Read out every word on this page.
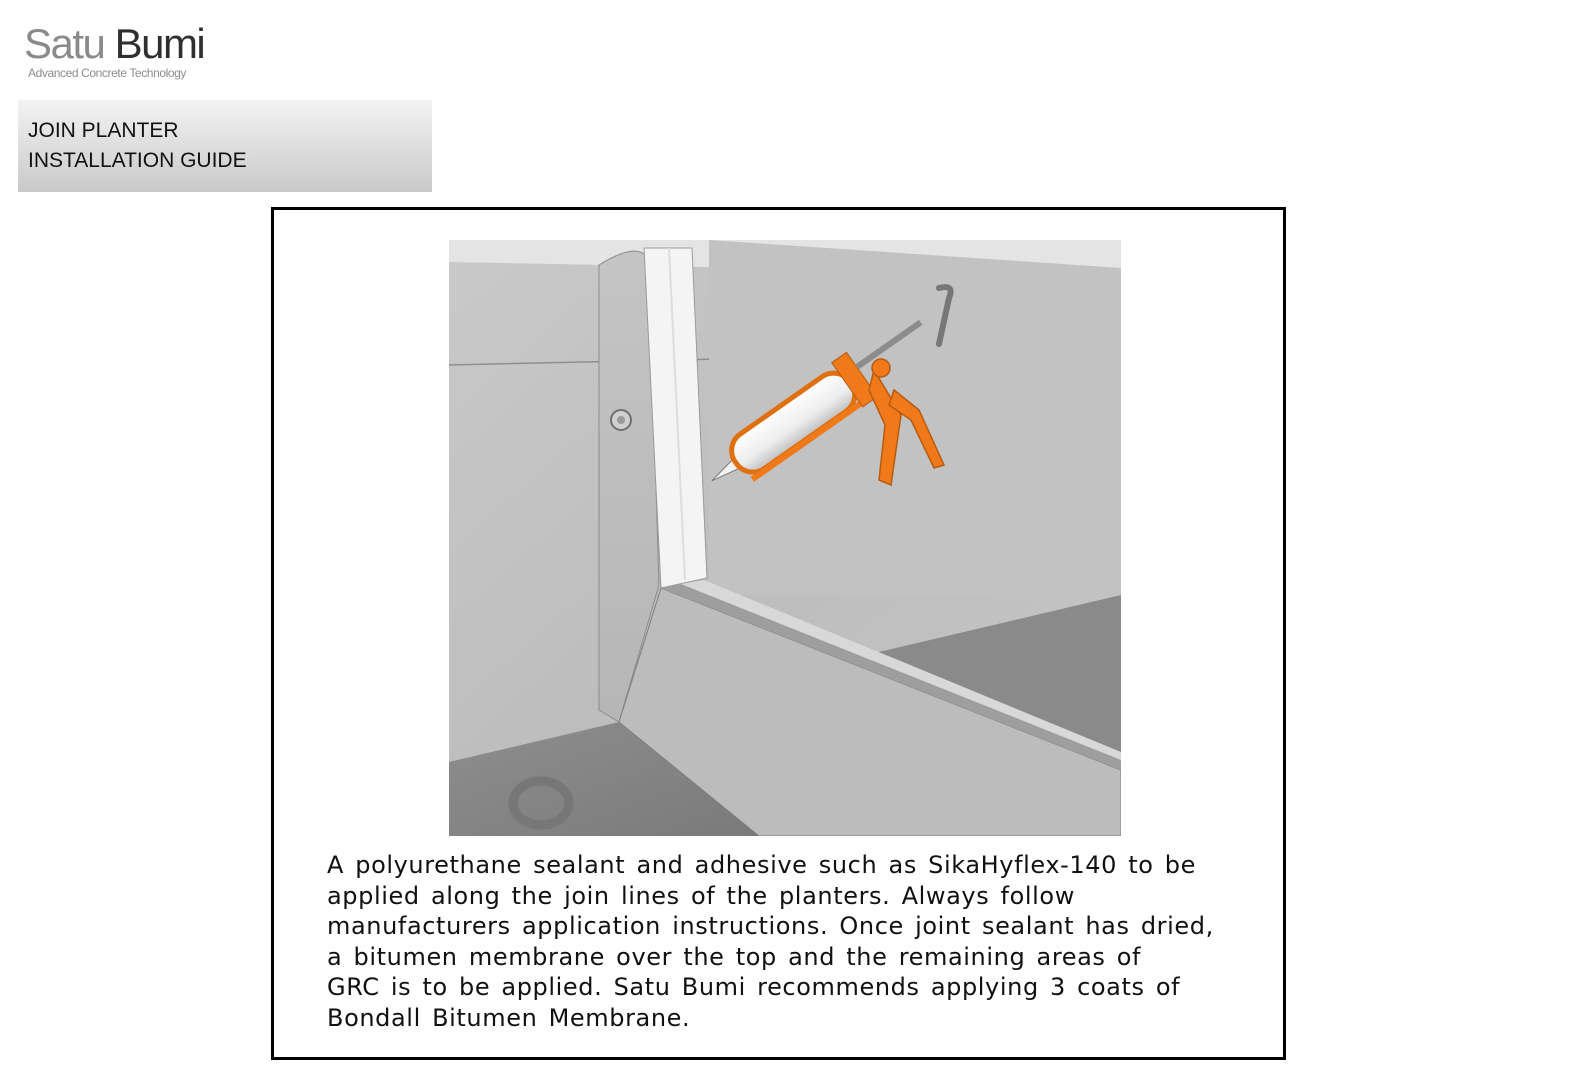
Satu Bumi
Advanced Concrete Technology
JOIN PLANTER
INSTALLATION GUIDE
A polyurethane sealant and adhesive such as SikaHyflex-140 to be
applied along the join lines of the planters. Always follow
manufacturers application instructions. Once joint sealant has dried,
a bitumen membrane over the top and the remaining areas of
GRC is to be applied. Satu Bumi recommends applying 3 coats of
Bondall Bitumen Membrane.
